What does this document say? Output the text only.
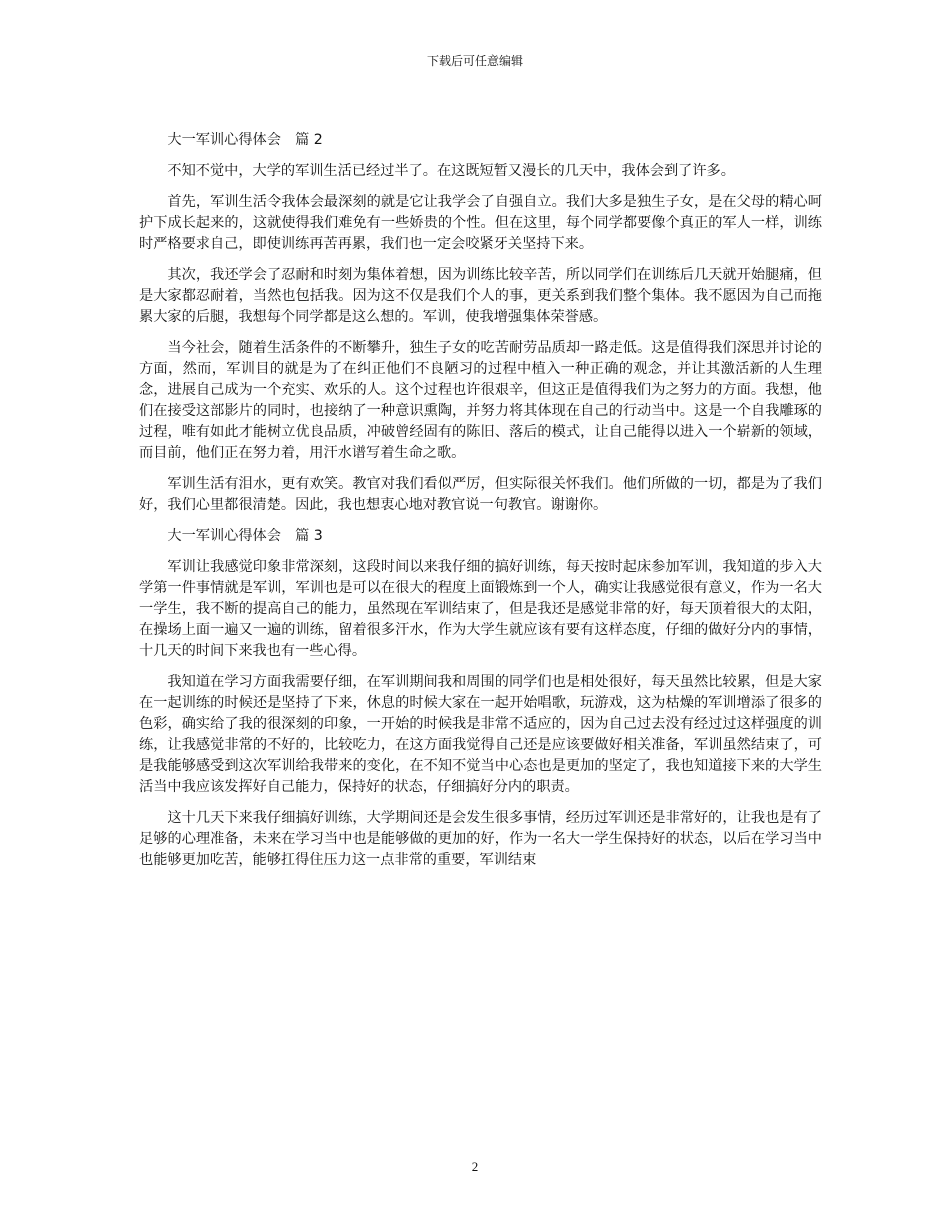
下载后可任意编辑

大一军训心得体会　篇 2

不知不觉中，大学的军训生活已经过半了。在这既短暂又漫长的几天中，我体会到了许多。

首先，军训生活令我体会最深刻的就是它让我学会了自强自立。我们大多是独生子女，是在父母的精心呵护下成长起来的，这就使得我们难免有一些娇贵的个性。但在这里，每个同学都要像个真正的军人一样，训练时严格要求自己，即使训练再苦再累，我们也一定会咬紧牙关坚持下来。

其次，我还学会了忍耐和时刻为集体着想，因为训练比较辛苦，所以同学们在训练后几天就开始腿痛，但是大家都忍耐着，当然也包括我。因为这不仅是我们个人的事，更关系到我们整个集体。我不愿因为自己而拖累大家的后腿，我想每个同学都是这么想的。军训，使我增强集体荣誉感。

当今社会，随着生活条件的不断攀升，独生子女的吃苦耐劳品质却一路走低。这是值得我们深思并讨论的方面，然而，军训目的就是为了在纠正他们不良陋习的过程中植入一种正确的观念，并让其激活新的人生理念，进展自己成为一个充实、欢乐的人。这个过程也许很艰辛，但这正是值得我们为之努力的方面。我想，他们在接受这部影片的同时，也接纳了一种意识熏陶，并努力将其体现在自己的行动当中。这是一个自我雕琢的过程，唯有如此才能树立优良品质，冲破曾经固有的陈旧、落后的模式，让自己能得以进入一个崭新的领域，而目前，他们正在努力着，用汗水谱写着生命之歌。

军训生活有泪水，更有欢笑。教官对我们看似严厉，但实际很关怀我们。他们所做的一切，都是为了我们好，我们心里都很清楚。因此，我也想衷心地对教官说一句教官。谢谢你。

大一军训心得体会　篇 3

军训让我感觉印象非常深刻，这段时间以来我仔细的搞好训练，每天按时起床参加军训，我知道的步入大学第一件事情就是军训，军训也是可以在很大的程度上面锻炼到一个人，确实让我感觉很有意义，作为一名大一学生，我不断的提高自己的能力，虽然现在军训结束了，但是我还是感觉非常的好，每天顶着很大的太阳，在操场上面一遍又一遍的训练，留着很多汗水，作为大学生就应该有要有这样态度，仔细的做好分内的事情，十几天的时间下来我也有一些心得。

我知道在学习方面我需要仔细，在军训期间我和周围的同学们也是相处很好，每天虽然比较累，但是大家在一起训练的时候还是坚持了下来，休息的时候大家在一起开始唱歌，玩游戏，这为枯燥的军训增添了很多的色彩，确实给了我的很深刻的印象，一开始的时候我是非常不适应的，因为自己过去没有经过过这样强度的训练，让我感觉非常的不好的，比较吃力，在这方面我觉得自己还是应该要做好相关准备，军训虽然结束了，可是我能够感受到这次军训给我带来的变化，在不知不觉当中心态也是更加的坚定了，我也知道接下来的大学生活当中我应该发挥好自己能力，保持好的状态，仔细搞好分内的职责。

这十几天下来我仔细搞好训练，大学期间还是会发生很多事情，经历过军训还是非常好的，让我也是有了足够的心理准备，未来在学习当中也是能够做的更加的好，作为一名大一学生保持好的状态，以后在学习当中也能够更加吃苦，能够扛得住压力这一点非常的重要，军训结束

2
